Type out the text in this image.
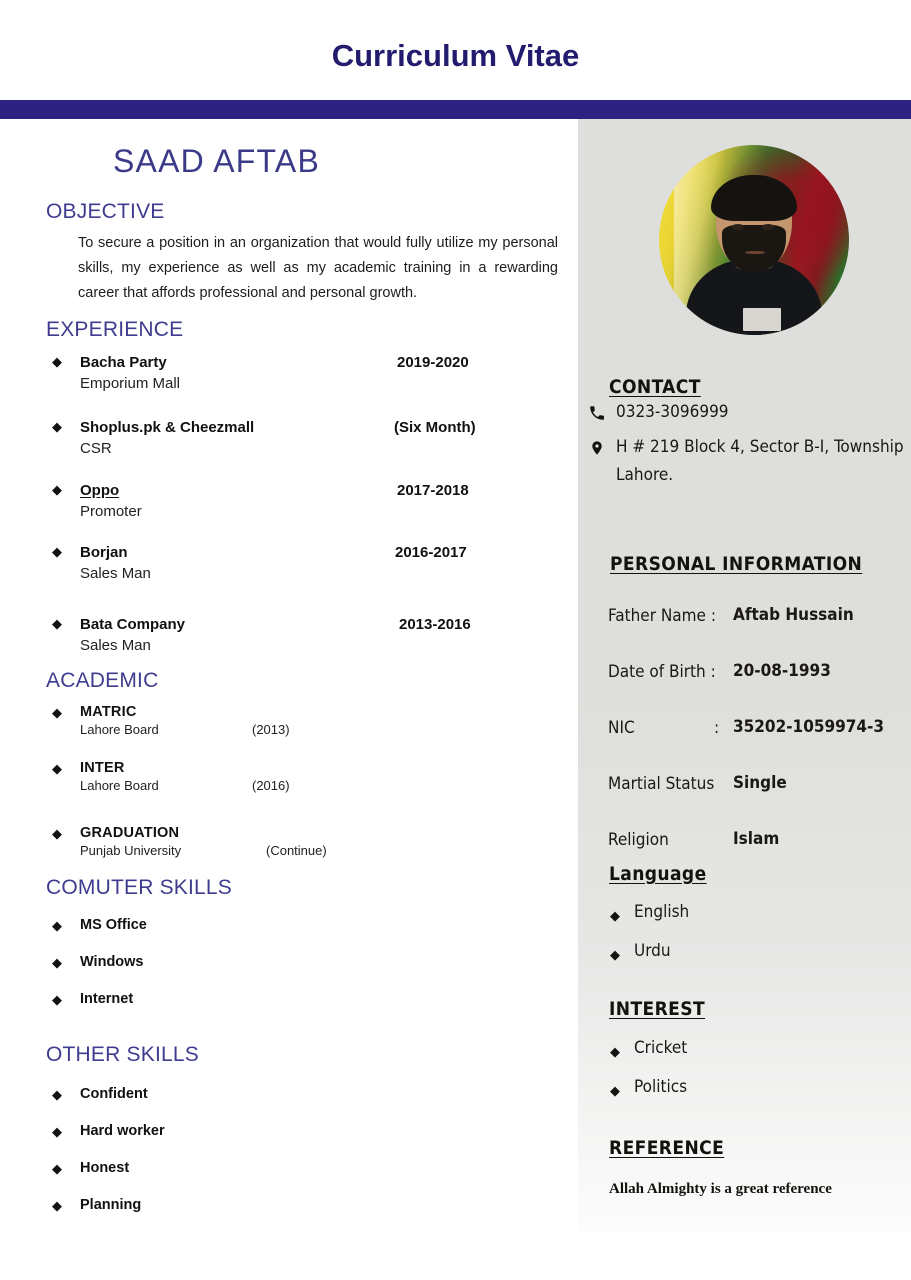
Curriculum Vitae
CONTACT
0323-3096999
H # 219 Block 4, Sector B-I, Township
Lahore.
PERSONAL INFORMATION
Father Name : Aftab Hussain
Date of Birth : 20-08-1993
NIC	: 35202-1059974-3
Martial Status Single
Religion	Islam
Language
◆ English
◆ Urdu
INTEREST
◆ Cricket
◆ Politics
REFERENCE
Allah Almighty is a great reference
SAAD AFTAB
OBJECTIVE
To secure a position in an organization that would fully utilize my personal skills, my experience as well as my academic training in a rewarding career that affords professional and personal growth.
EXPERIENCE
◆ Bacha Party
Emporium Mall
2019-2020
◆ Shoplus.pk & Cheezmall
CSR
(Six Month)
◆ Oppo
Promoter
2017-2018
◆ Borjan
Sales Man
2016-2017
◆ Bata Company
Sales Man
2013-2016
ACADEMIC
◆ MATRIC
Lahore Board	(2013)
◆ INTER
Lahore Board	(2016)
◆ GRADUATION
Punjab University	(Continue)
COMUTER SKILLS
◆ MS Office
◆ Windows
◆ Internet
OTHER SKILLS
◆ Confident
◆ Hard worker
◆ Honest
◆ Planning
